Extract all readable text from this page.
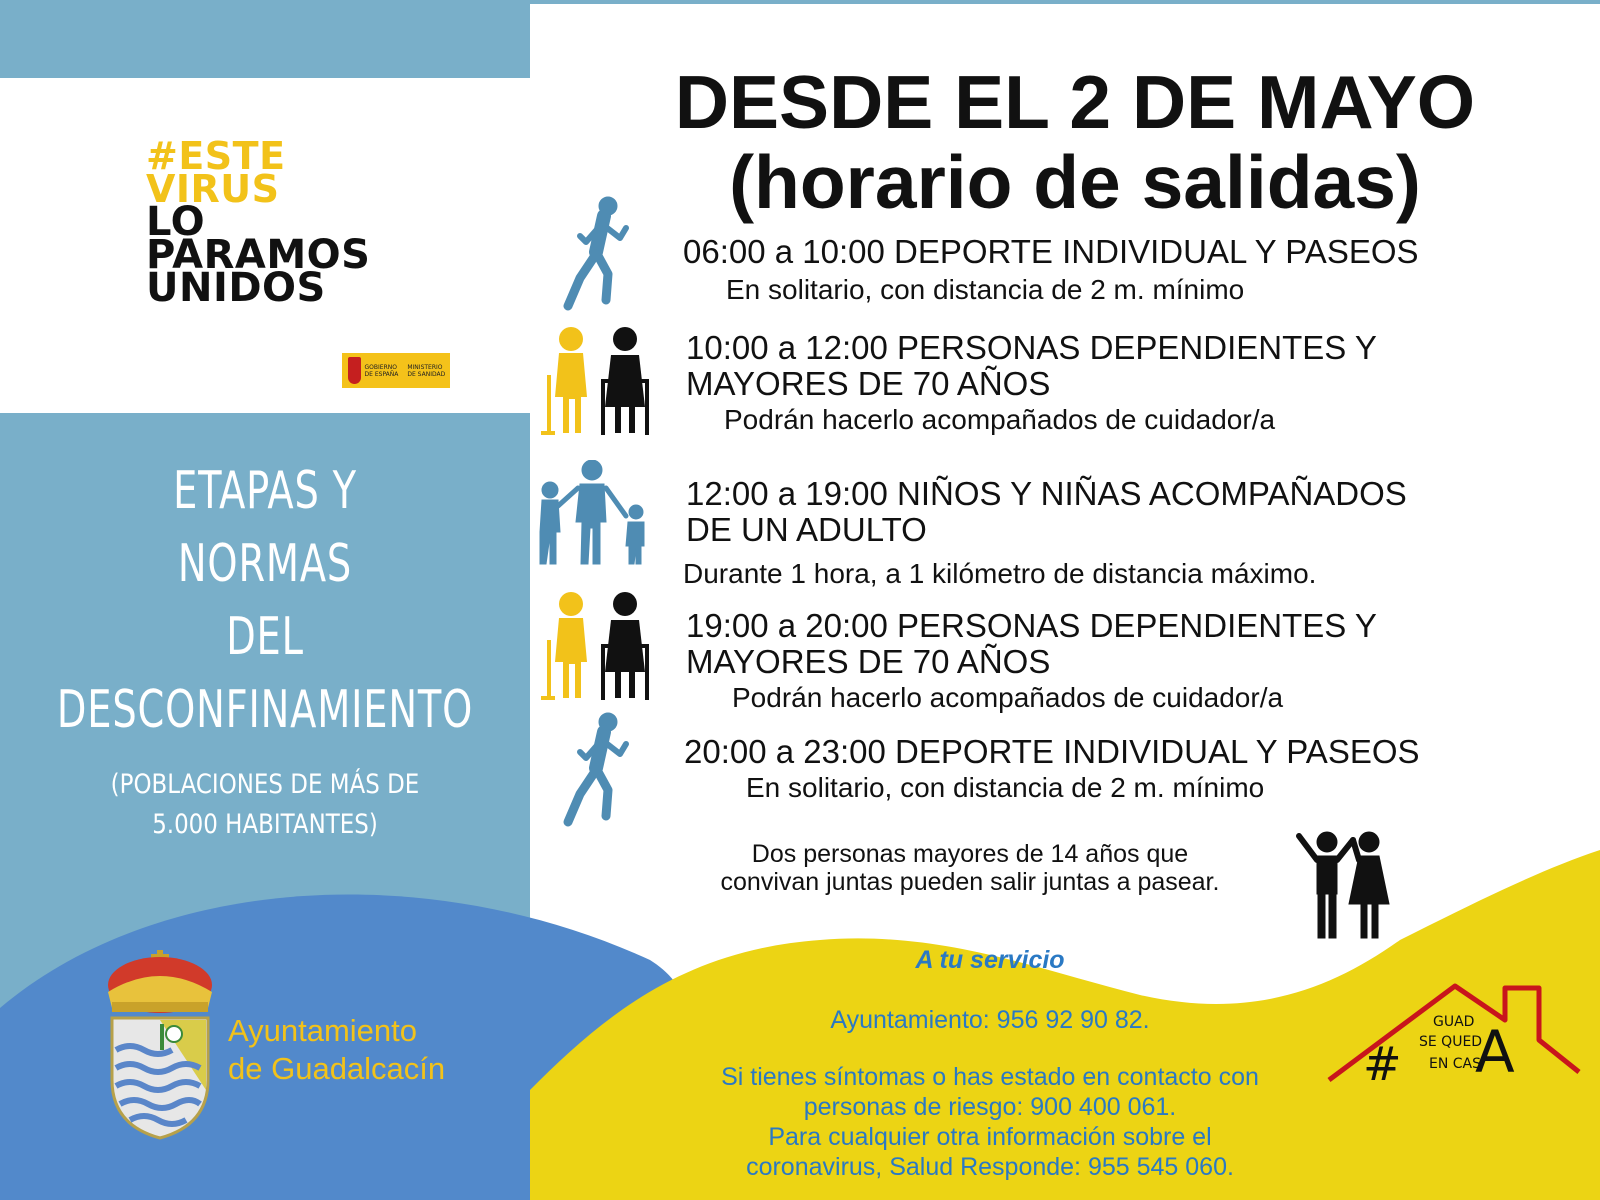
#ESTE
VIRUS
LO
PARAMOS
UNIDOS
GOBIERNO DE ESPAÑA
MINISTERIO DE SANIDAD
ETAPAS Y
NORMAS
DEL
DESCONFINAMIENTO
(POBLACIONES DE MÁS DE
5.000 HABITANTES)
Ayuntamiento
de Guadalcacín
DESDE EL 2 DE MAYO
(horario de salidas)
06:00 a 10:00 DEPORTE INDIVIDUAL Y PASEOS
En solitario, con distancia de 2 m. mínimo
10:00 a 12:00 PERSONAS DEPENDIENTES Y
MAYORES DE 70 AÑOS
Podrán hacerlo acompañados de cuidador/a
12:00 a 19:00 NIÑOS Y NIÑAS ACOMPAÑADOS
DE UN ADULTO
Durante 1 hora, a 1 kilómetro de distancia máximo.
19:00 a 20:00 PERSONAS DEPENDIENTES Y
MAYORES DE 70 AÑOS
Podrán hacerlo acompañados de cuidador/a
20:00 a 23:00 DEPORTE INDIVIDUAL Y PASEOS
En solitario, con distancia de 2 m. mínimo
Dos personas mayores de 14 años que
convivan juntas pueden salir juntas a pasear.
A tu servicio
Ayuntamiento: 956 92 90 82.
Si tienes síntomas o has estado en contacto con
personas de riesgo: 900 400 061.
Para cualquier otra información sobre el
coronavirus, Salud Responde: 955 545 060.
#
GUAD
SE QUED
EN CAS
A
